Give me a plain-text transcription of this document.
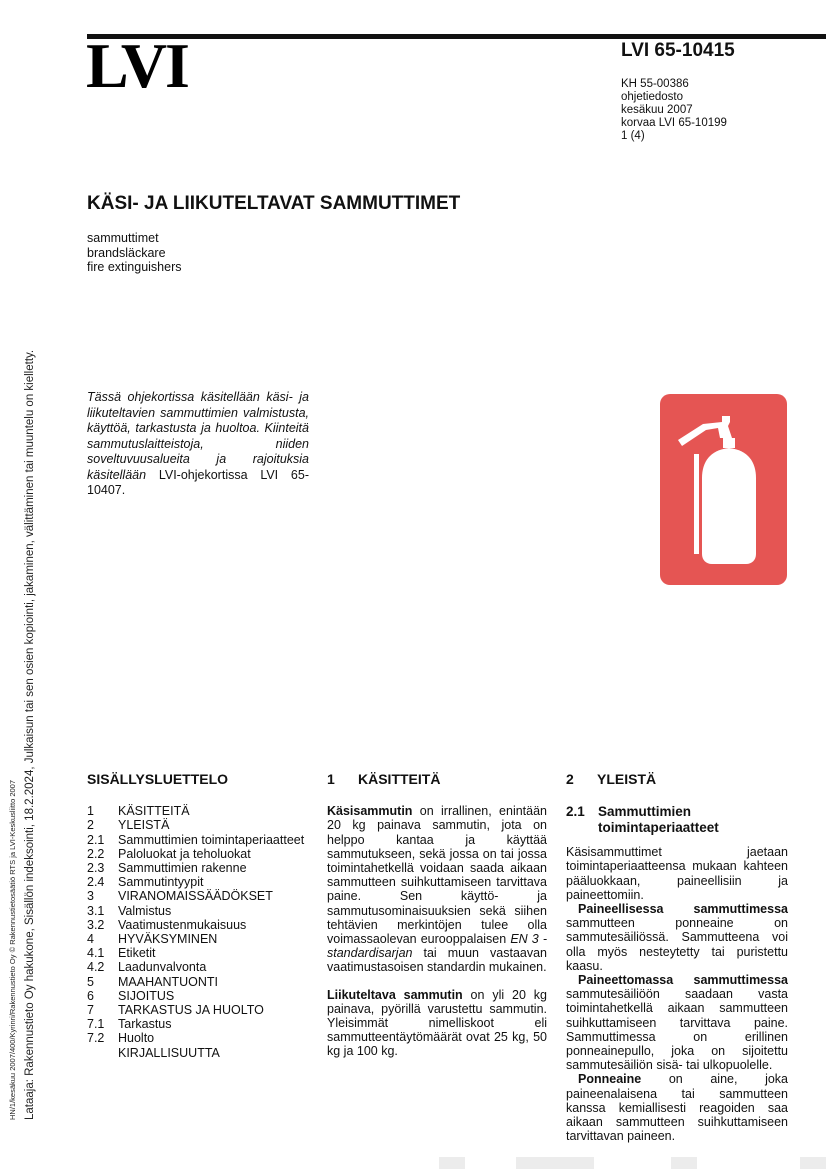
LVI	LVI 65-10415
KH 55-00386
ohjetiedosto
kesäkuu 2007
korvaa LVI 65-10199
1 (4)
KÄSI- JA LIIKUTELTAVAT SAMMUTTIMET
sammuttimet
brandsläckare
fire extinguishers
Tässä ohjekortissa käsitellään käsi- ja liikuteltavien sammuttimien valmistusta, käyttöä, tarkastusta ja huoltoa. Kiinteitä sammutuslaitteistoja, niiden soveltuvuusalueita ja rajoituksia käsitellään LVI-ohjekortissa LVI 65-10407.
HN/1/kesäkuu 2007/400/Kyrinri/Rakennustieto Oy © Rakennustietosäätiö RTS ja LVI-Keskusliitto 2007 Lataaja: Rakennustieto Oy hakukone, Sisällön indeksointi, 18.2.2024, Julkaisun tai sen osien kopiointi, jakaminen, välittäminen tai muuntelu on kielletty.	SISÄLLYSLUETTELO
1	KÄSITTEITÄ
2	YLEISTÄ
2.1	Sammuttimien toimintaperiaatteet
2.2	Paloluokat ja teholuokat
2.3	Sammuttimien rakenne
2.4	Sammutintyypit
3	VIRANOMAISSÄÄDÖKSET
3.1	Valmistus
3.2	Vaatimustenmukaisuus
4	HYVÄKSYMINEN
4.1	Etiketit
4.2	Laadunvalvonta
5	MAAHANTUONTI
6	SIJOITUS
7	TARKASTUS JA HUOLTO
7.1	Tarkastus
7.2	Huolto
KIRJALLISUUTTA
1 KÄSITTEITÄ

Käsisammutin on irrallinen, enintään 20 kg painava sammutin, jota on helppo kantaa ja käyttää sammutukseen, sekä jossa on tai jossa toimintahetkellä voidaan saada aikaan sammutteen suihkuttamiseen tarvittava paine. Sen käyttö- ja sammutusominaisuuksien sekä siihen tehtävien merkintöjen tulee olla voimassaolevan eurooppalaisen EN 3 -standardisarjan tai muun vastaavan vaatimustasoisen standardin mukainen.

Liikuteltava sammutin on yli 20 kg painava, pyörillä varustettu sammutin. Yleisimmät nimelliskoot eli sammutteentäytömäärät ovat 25 kg, 50 kg ja 100 kg.

2 YLEISTÄ
2.1 Sammuttimien toimintaperiaatteet

Käsisammuttimet jaetaan toimintaperiaatteensa mukaan kahteen pääluokkaan, paineellisiin ja paineettomiin.

Paineellisessa sammuttimessa sammutteen ponneaine on sammutesäiliössä. Sammutteena voi olla myös nesteytetty tai puristettu kaasu.

Paineettomassa sammuttimessa sammutesäiliöön saadaan vasta toimintahetkellä aikaan sammutteen suihkuttamiseen tarvittava paine. Sammuttimessa on erillinen ponneainepullo, joka on sijoitettu sammutesäiliön sisä- tai ulkopuolelle.

Ponneaine on aine, joka paineenalaisena tai sammutteen kanssa kemiallisesti reagoiden saa aikaan sammutteen suihkuttamiseen tarvittavan paineen.
